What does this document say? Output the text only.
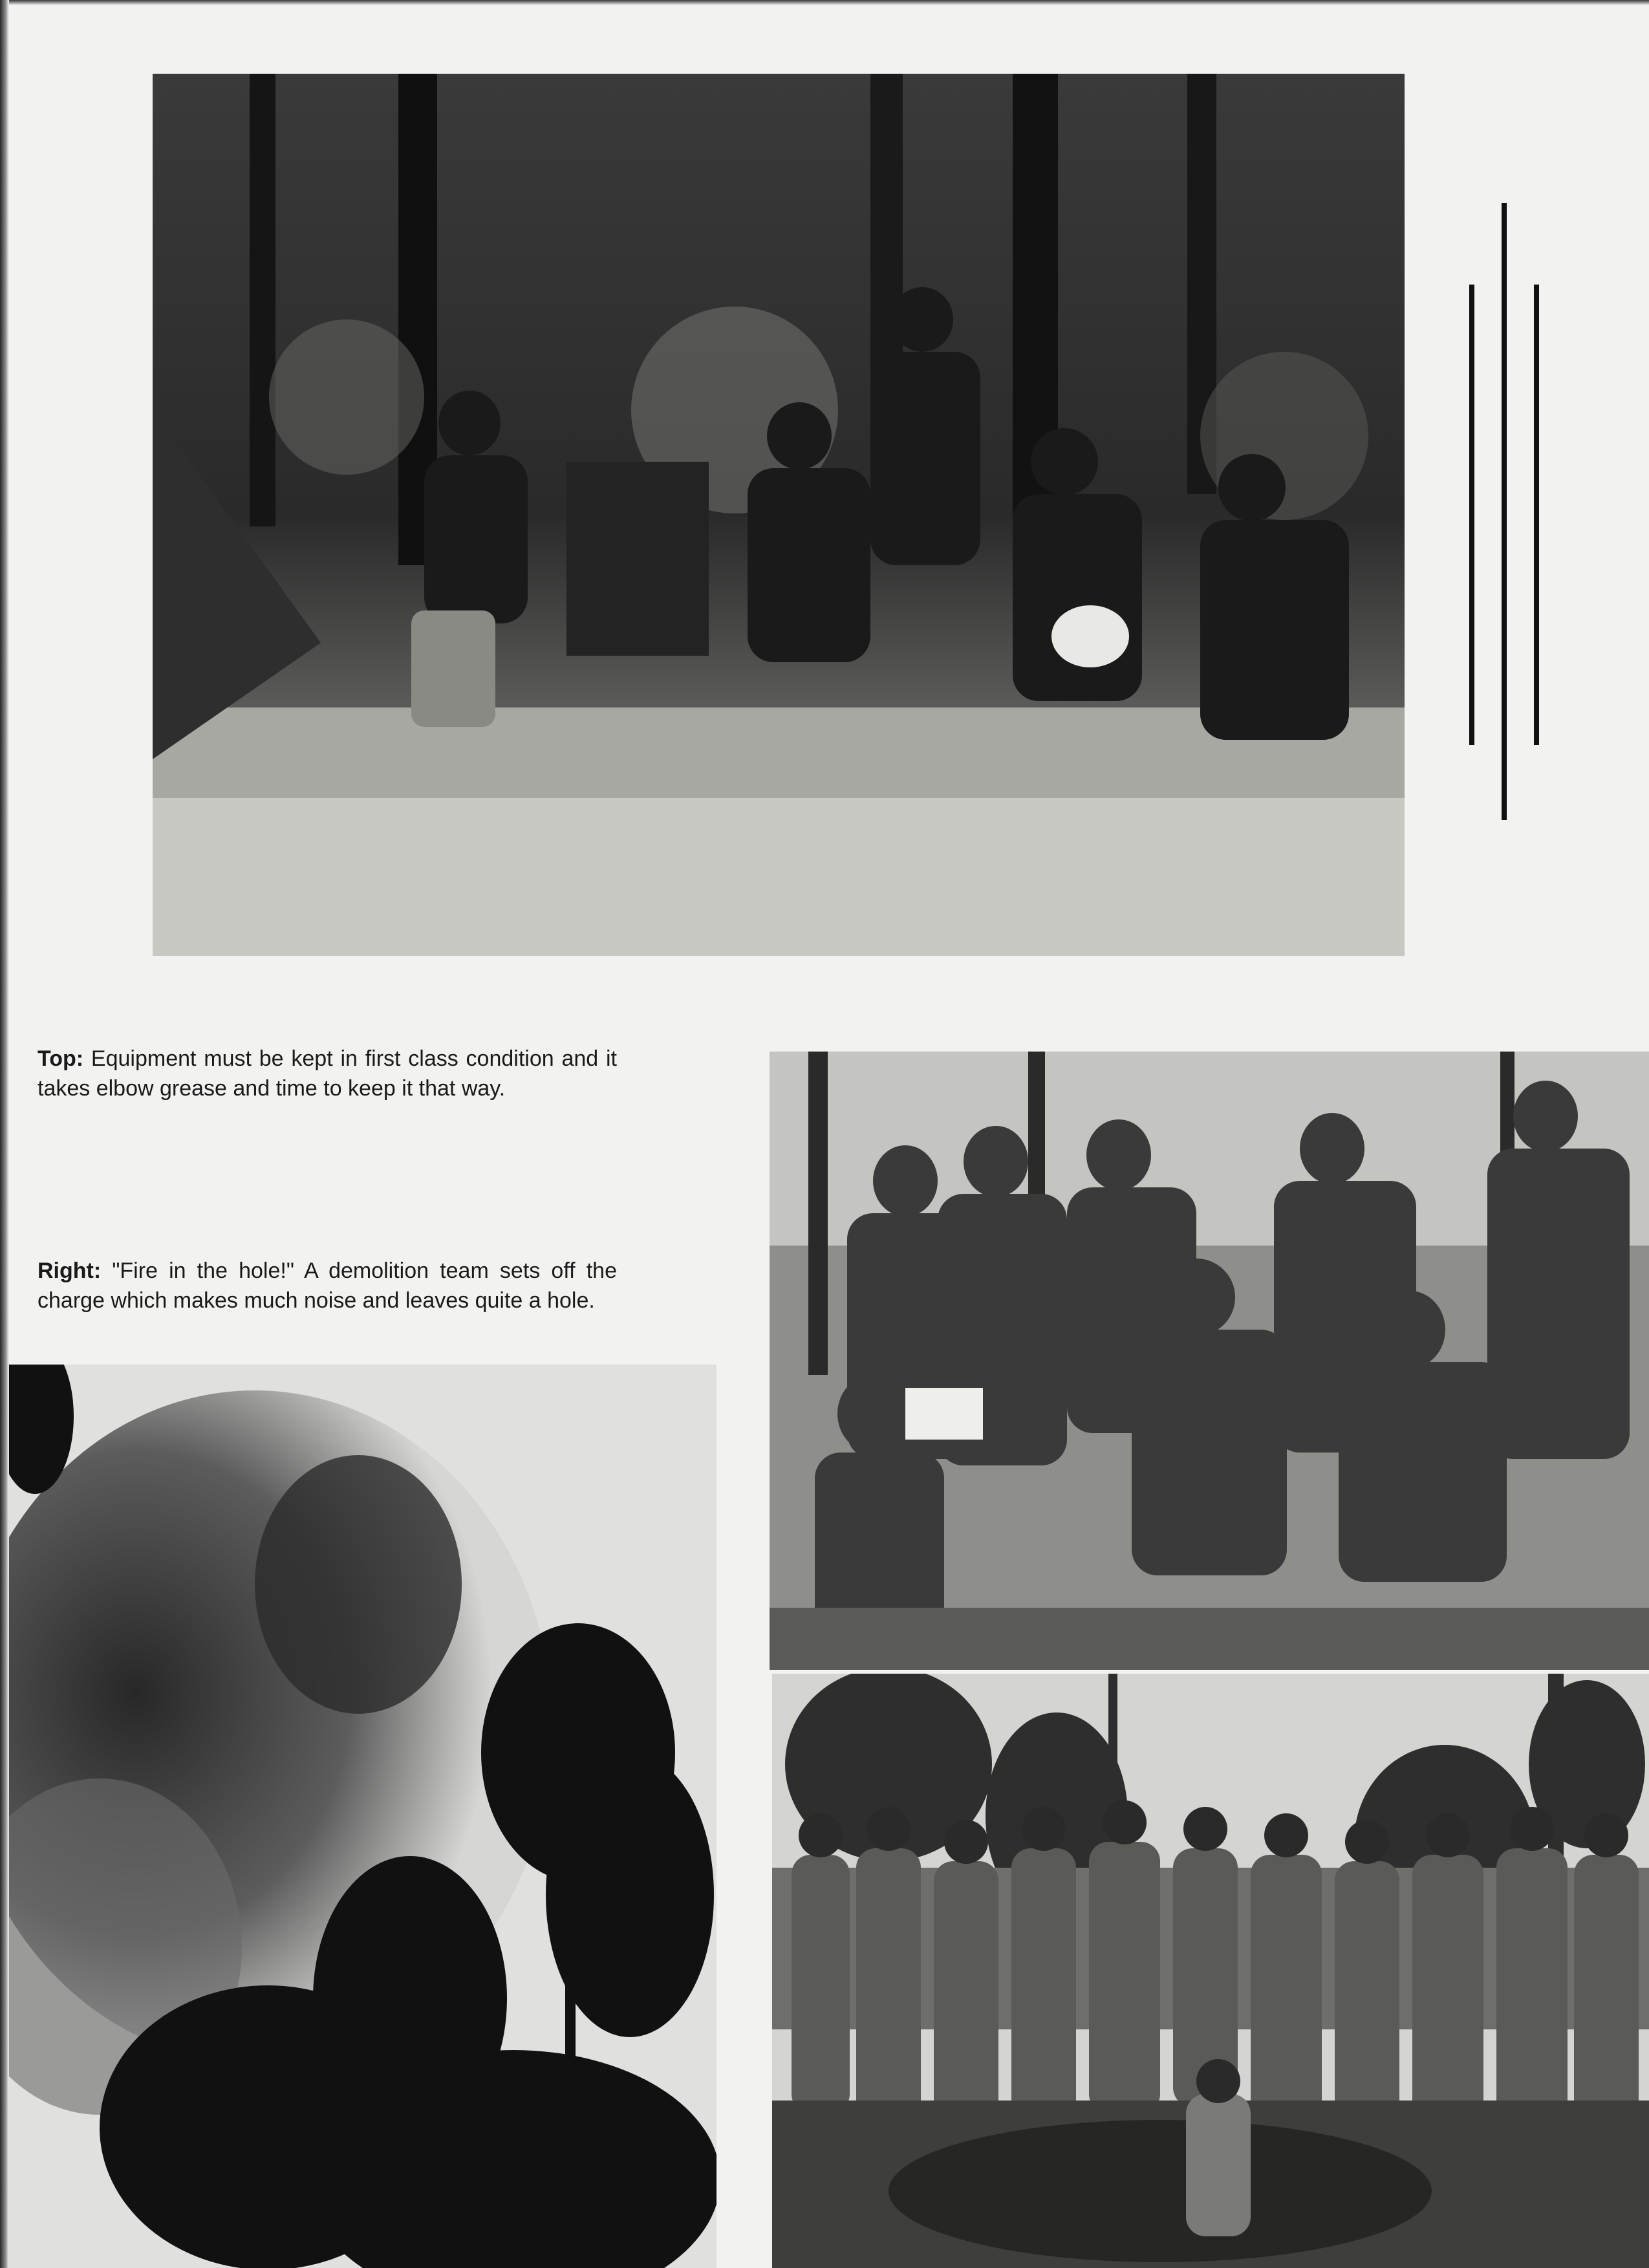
Top: Equipment must be kept in first class condition and it takes elbow grease and time to keep it that way.

Right: "Fire in the hole!" A demolition team sets off the charge which makes much noise and leaves quite a hole.
